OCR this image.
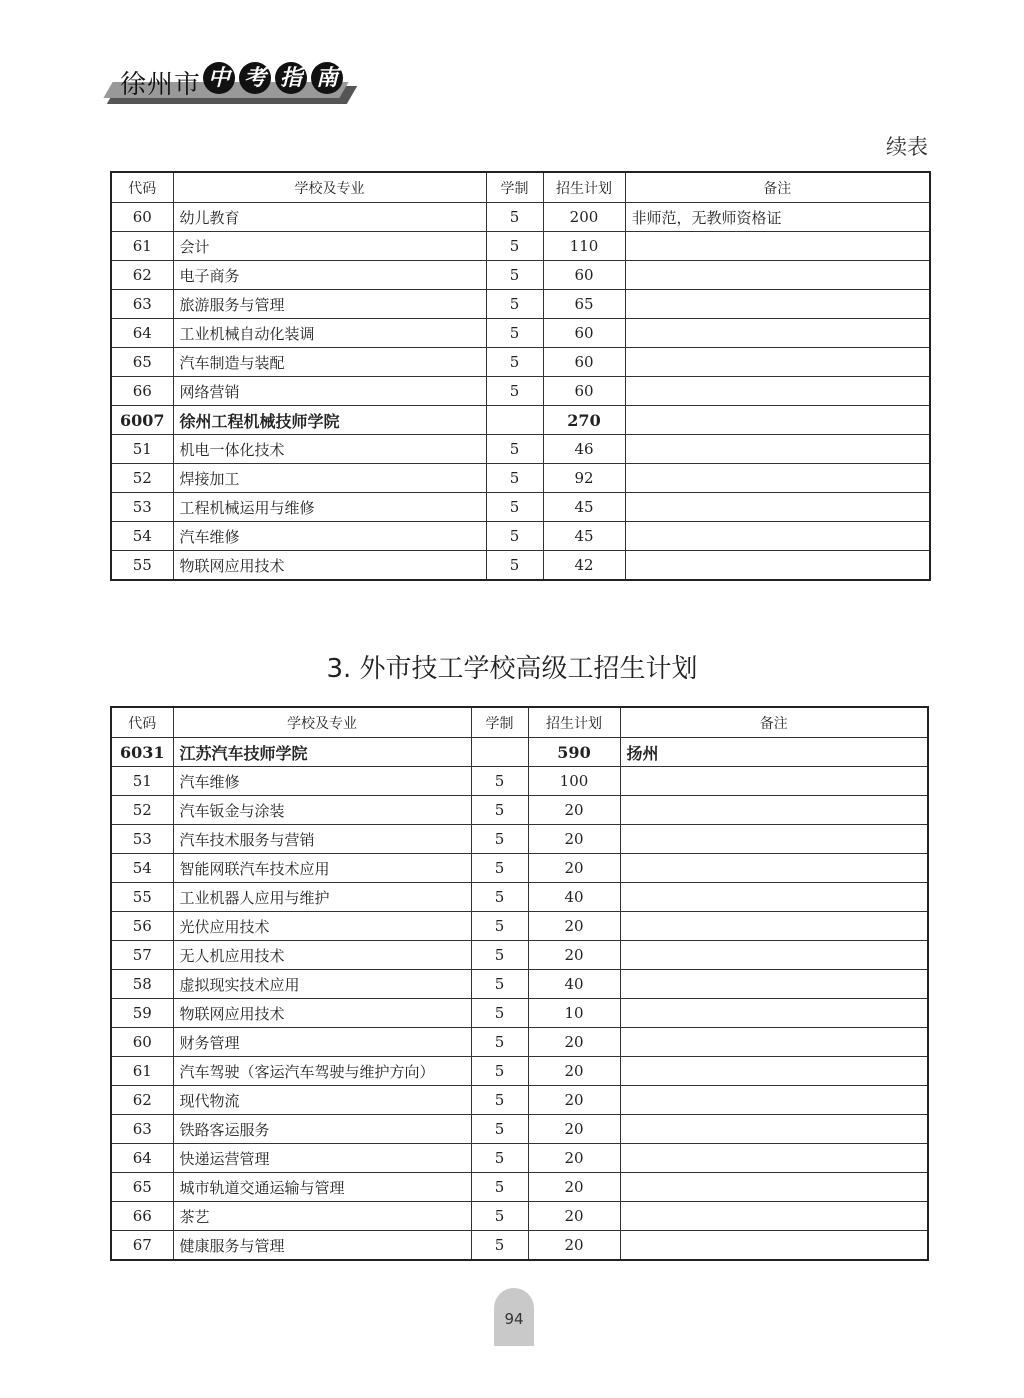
徐州市 中 考 指 南
续表
代码	学校及专业	学制	招生计划	备注
60	幼儿教育	5	200	非师范，无教师资格证
61	会计	5	110	
62	电子商务	5	60	
63	旅游服务与管理	5	65	
64	工业机械自动化装调	5	60	
65	汽车制造与装配	5	60	
66	网络营销	5	60	
6007	徐州工程机械技师学院		270	
51	机电一体化技术	5	46	
52	焊接加工	5	92	
53	工程机械运用与维修	5	45	
54	汽车维修	5	45	
55	物联网应用技术	5	42	
3. 外市技工学校高级工招生计划
代码	学校及专业	学制	招生计划	备注
6031	江苏汽车技师学院		590	扬州
51	汽车维修	5	100	
52	汽车钣金与涂装	5	20	
53	汽车技术服务与营销	5	20	
54	智能网联汽车技术应用	5	20	
55	工业机器人应用与维护	5	40	
56	光伏应用技术	5	20	
57	无人机应用技术	5	20	
58	虚拟现实技术应用	5	40	
59	物联网应用技术	5	10	
60	财务管理	5	20	
61	汽车驾驶（客运汽车驾驶与维护方向）	5	20	
62	现代物流	5	20	
63	铁路客运服务	5	20	
64	快递运营管理	5	20	
65	城市轨道交通运输与管理	5	20	
66	茶艺	5	20	
67	健康服务与管理	5	20	
94
